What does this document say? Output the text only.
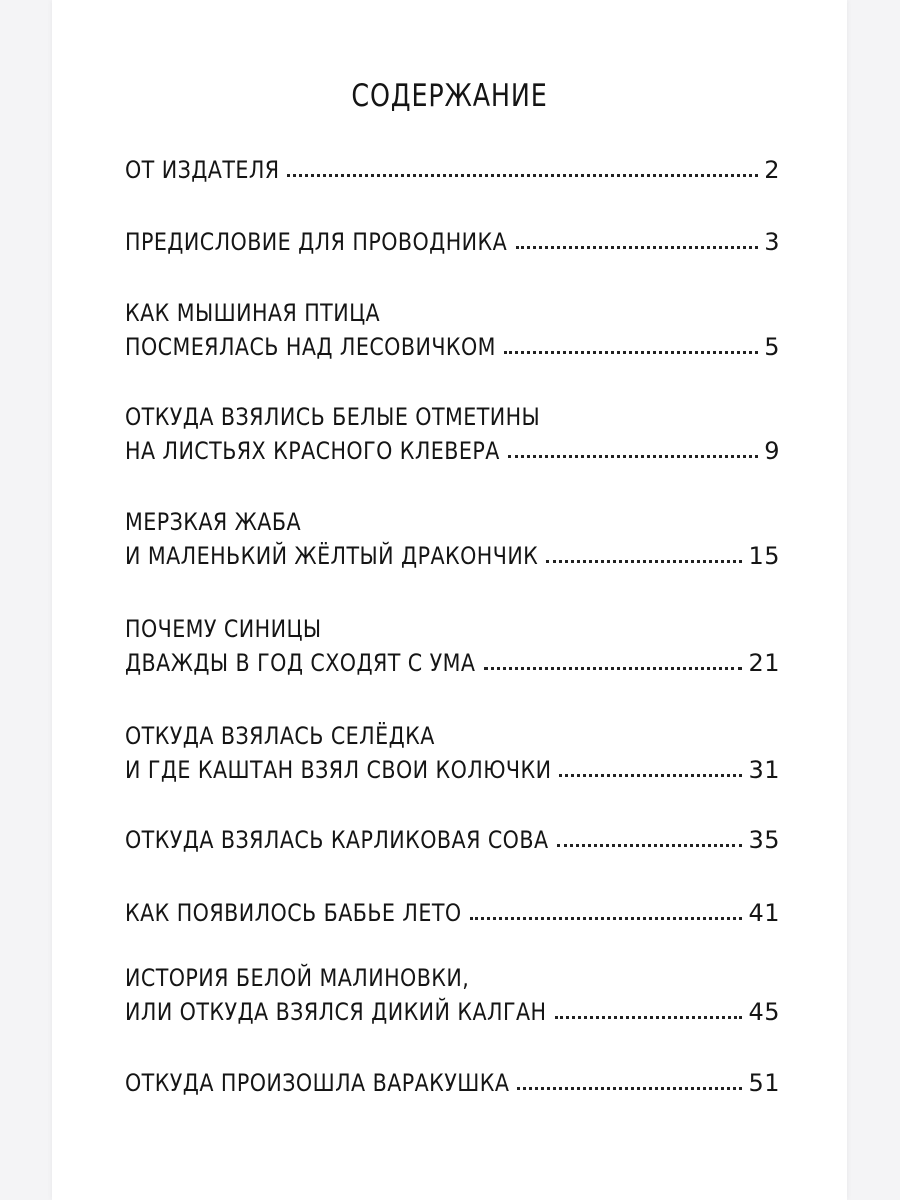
СОДЕРЖАНИЕ
ОТ ИЗДАТЕЛЯ	2
ПРЕДИСЛОВИЕ ДЛЯ ПРОВОДНИКА	3
КАК МЫШИНАЯ ПТИЦА
ПОСМЕЯЛАСЬ НАД ЛЕСОВИЧКОМ	5
ОТКУДА ВЗЯЛИСЬ БЕЛЫЕ ОТМЕТИНЫ
НА ЛИСТЬЯХ КРАСНОГО КЛЕВЕРА	9
МЕРЗКАЯ ЖАБА
И МАЛЕНЬКИЙ ЖЁЛТЫЙ ДРАКОНЧИК	15
ПОЧЕМУ СИНИЦЫ
ДВАЖДЫ В ГОД СХОДЯТ С УМА	21
ОТКУДА ВЗЯЛАСЬ СЕЛЁДКА
И ГДЕ КАШТАН ВЗЯЛ СВОИ КОЛЮЧКИ	31
ОТКУДА ВЗЯЛАСЬ КАРЛИКОВАЯ СОВА	35
КАК ПОЯВИЛОСЬ БАБЬЕ ЛЕТО	41
ИСТОРИЯ БЕЛОЙ МАЛИНОВКИ,
ИЛИ ОТКУДА ВЗЯЛСЯ ДИКИЙ КАЛГАН	45
ОТКУДА ПРОИЗОШЛА ВАРАКУШКА	51
